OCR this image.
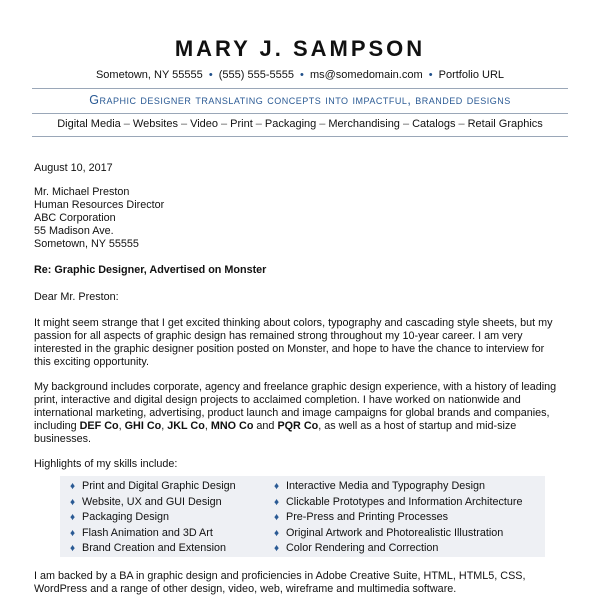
MARY J. SAMPSON
Sometown, NY 55555 • (555) 555-5555 • ms@somedomain.com • Portfolio URL
Graphic designer translating concepts into impactful, branded designs
Digital Media – Websites – Video – Print – Packaging – Merchandising – Catalogs – Retail Graphics
August 10, 2017
Mr. Michael Preston
Human Resources Director
ABC Corporation
55 Madison Ave.
Sometown, NY 55555
Re: Graphic Designer, Advertised on Monster
Dear Mr. Preston:
It might seem strange that I get excited thinking about colors, typography and cascading style sheets, but my passion for all aspects of graphic design has remained strong throughout my 10-year career. I am very interested in the graphic designer position posted on Monster, and hope to have the chance to interview for this exciting opportunity.
My background includes corporate, agency and freelance graphic design experience, with a history of leading print, interactive and digital design projects to acclaimed completion. I have worked on nationwide and international marketing, advertising, product launch and image campaigns for global brands and companies, including DEF Co, GHI Co, JKL Co, MNO Co and PQR Co, as well as a host of startup and mid-size businesses.
Highlights of my skills include:
♦ Print and Digital Graphic Design
♦ Website, UX and GUI Design
♦ Packaging Design
♦ Flash Animation and 3D Art
♦ Brand Creation and Extension
♦ Interactive Media and Typography Design
♦ Clickable Prototypes and Information Architecture
♦ Pre-Press and Printing Processes
♦ Original Artwork and Photorealistic Illustration
♦ Color Rendering and Correction
I am backed by a BA in graphic design and proficiencies in Adobe Creative Suite, HTML, HTML5, CSS, WordPress and a range of other design, video, web, wireframe and multimedia software.
